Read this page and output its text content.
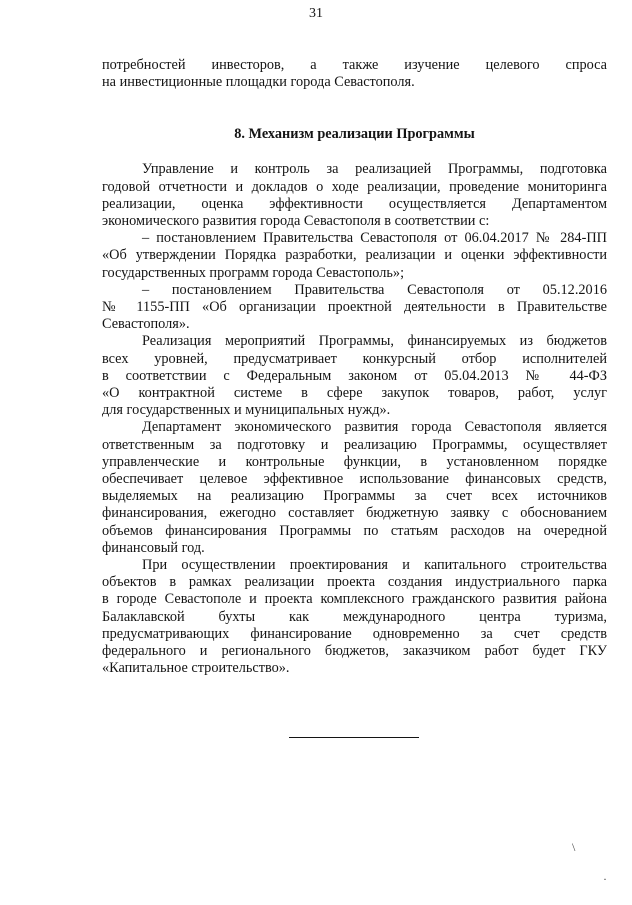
31
потребностей инвесторов, а также изучение целевого спроса
на инвестиционные площадки города Севастополя.
8. Механизм реализации Программы
Управление и контроль за реализацией Программы, подготовка
годовой отчетности и докладов о ходе реализации, проведение мониторинга
реализации, оценка эффективности осуществляется Департаментом
экономического развития города Севастополя в соответствии с:
– постановлением Правительства Севастополя от 06.04.2017 № 284-ПП
«Об утверждении Порядка разработки, реализации и оценки эффективности
государственных программ города Севастополь»;
– постановлением Правительства Севастополя от 05.12.2016
№ 1155-ПП «Об организации проектной деятельности в Правительстве
Севастополя».
Реализация мероприятий Программы, финансируемых из бюджетов
всех уровней, предусматривает конкурсный отбор исполнителей
в соответствии с Федеральным законом от 05.04.2013 № 44-ФЗ
«О контрактной системе в сфере закупок товаров, работ, услуг
для государственных и муниципальных нужд».
Департамент экономического развития города Севастополя является
ответственным за подготовку и реализацию Программы, осуществляет
управленческие и контрольные функции, в установленном порядке
обеспечивает целевое эффективное использование финансовых средств,
выделяемых на реализацию Программы за счет всех источников
финансирования, ежегодно составляет бюджетную заявку с обоснованием
объемов финансирования Программы по статьям расходов на очередной
финансовый год.
При осуществлении проектирования и капитального строительства
объектов в рамках реализации проекта создания индустриального парка
в городе Севастополе и проекта комплексного гражданского развития района
Балаклавской бухты как международного центра туризма,
предусматривающих финансирование одновременно за счет средств
федерального и регионального бюджетов, заказчиком работ будет ГКУ
«Капитальное строительство».
\
·
